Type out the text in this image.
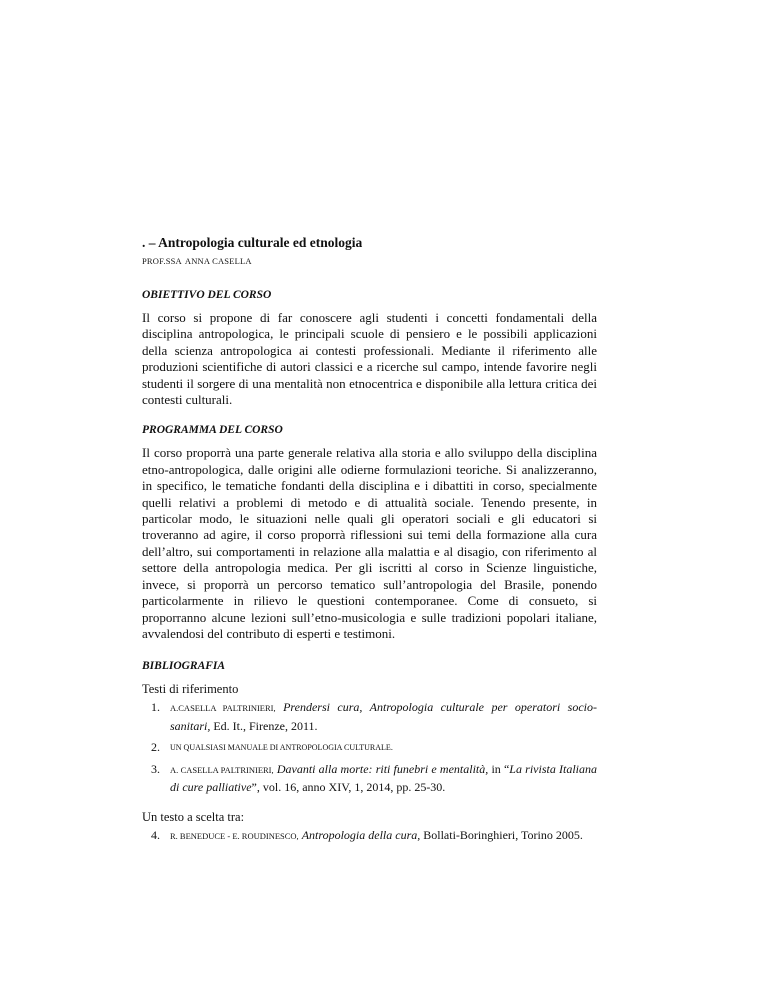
. – Antropologia culturale ed etnologia
PROF.SSA ANNA CASELLA
OBIETTIVO DEL CORSO

Il corso si propone di far conoscere agli studenti i concetti fondamentali della disciplina antropologica, le principali scuole di pensiero e le possibili applicazioni della scienza antropologica ai contesti professionali. Mediante il riferimento alle produzioni scientifiche di autori classici e a ricerche sul campo, intende favorire negli studenti il sorgere di una mentalità non etnocentrica e disponibile alla lettura critica dei contesti culturali.

PROGRAMMA DEL CORSO

Il corso proporrà una parte generale relativa alla storia e allo sviluppo della disciplina etno-antropologica, dalle origini alle odierne formulazioni teoriche. Si analizzeranno, in specifico, le tematiche fondanti della disciplina e i dibattiti in corso, specialmente quelli relativi a problemi di metodo e di attualità sociale. Tenendo presente, in particolar modo, le situazioni nelle quali gli operatori sociali e gli educatori si troveranno ad agire, il corso proporrà riflessioni sui temi della formazione alla cura dell’altro, sui comportamenti in relazione alla malattia e al disagio, con riferimento al settore della antropologia medica. Per gli iscritti al corso in Scienze linguistiche, invece, si proporrà un percorso tematico sull’antropologia del Brasile, ponendo particolarmente in rilievo le questioni contemporanee. Come di consueto, si proporranno alcune lezioni sull’etno-musicologia e sulle tradizioni popolari italiane, avvalendosi del contributo di esperti e testimoni.

BIBLIOGRAFIA

Testi di riferimento

1.	A.CASELLA PALTRINIERI, Prendersi cura, Antropologia culturale per operatori socio-sanitari, Ed. It., Firenze, 2011.
2.	UN QUALSIASI MANUALE DI ANTROPOLOGIA CULTURALE.
3.	A. CASELLA PALTRINIERI, Davanti alla morte: riti funebri e mentalità, in “La rivista Italiana di cure palliative”, vol. 16, anno XIV, 1, 2014, pp. 25-30.

Un testo a scelta tra:

4.	R. BENEDUCE - E. ROUDINESCO, Antropologia della cura, Bollati-Boringhieri, Torino 2005.
